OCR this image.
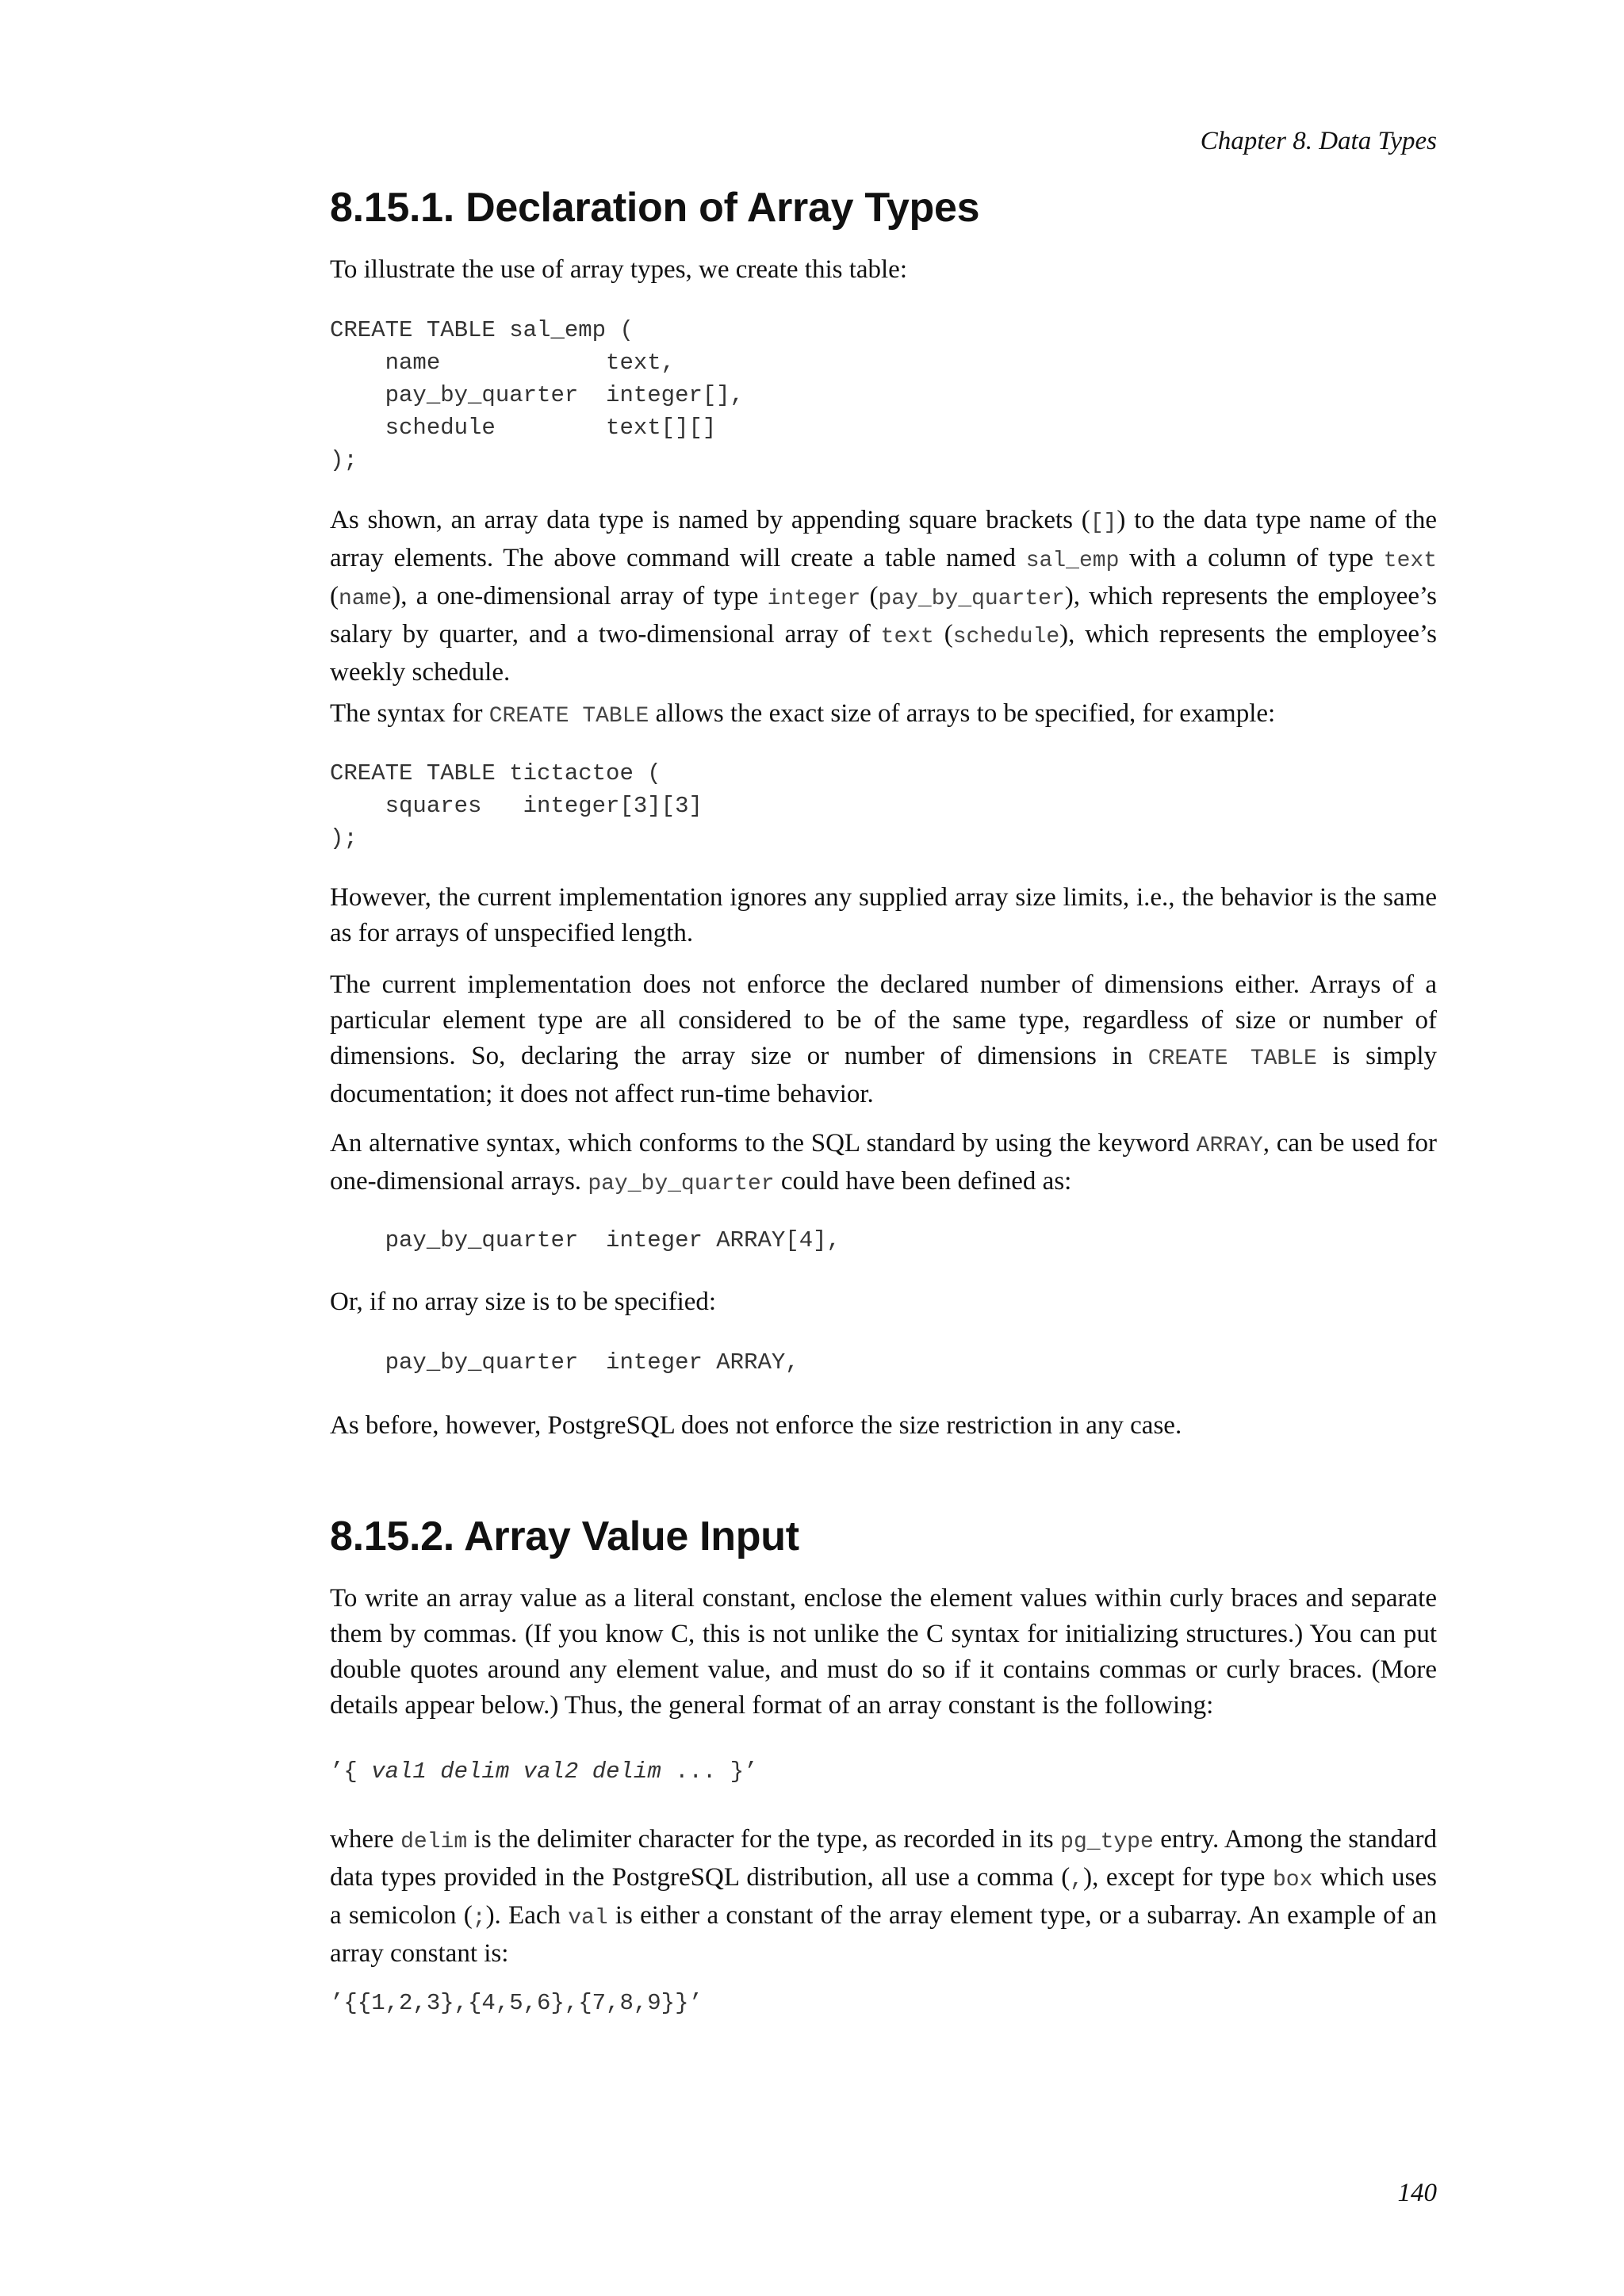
Chapter 8. Data Types
8.15.1. Declaration of Array Types

To illustrate the use of array types, we create this table:

CREATE TABLE sal_emp (
name            text,
pay_by_quarter  integer[],
schedule        text[][]
);

As shown, an array data type is named by appending square brackets ([]) to the data type name of the array elements. The above command will create a table named sal_emp with a column of type text (name), a one-dimensional array of type integer (pay_by_quarter), which represents the employee’s salary by quarter, and a two-dimensional array of text (schedule), which represents the employee’s weekly schedule.

The syntax for CREATE TABLE allows the exact size of arrays to be specified, for example:

CREATE TABLE tictactoe (
squares   integer[3][3]
);

However, the current implementation ignores any supplied array size limits, i.e., the behavior is the same as for arrays of unspecified length.

The current implementation does not enforce the declared number of dimensions either. Arrays of a particular element type are all considered to be of the same type, regardless of size or number of dimensions. So, declaring the array size or number of dimensions in CREATE TABLE is simply documentation; it does not affect run-time behavior.

An alternative syntax, which conforms to the SQL standard by using the keyword ARRAY, can be used for one-dimensional arrays. pay_by_quarter could have been defined as:

pay_by_quarter  integer ARRAY[4],

Or, if no array size is to be specified:

pay_by_quarter  integer ARRAY,

As before, however, PostgreSQL does not enforce the size restriction in any case.

8.15.2. Array Value Input

To write an array value as a literal constant, enclose the element values within curly braces and separate them by commas. (If you know C, this is not unlike the C syntax for initializing structures.) You can put double quotes around any element value, and must do so if it contains commas or curly braces. (More details appear below.) Thus, the general format of an array constant is the following:

’{ val1 delim val2 delim ... }’

where delim is the delimiter character for the type, as recorded in its pg_type entry. Among the standard data types provided in the PostgreSQL distribution, all use a comma (,), except for type box which uses a semicolon (;). Each val is either a constant of the array element type, or a subarray. An example of an array constant is:

’{{1,2,3},{4,5,6},{7,8,9}}’
140
